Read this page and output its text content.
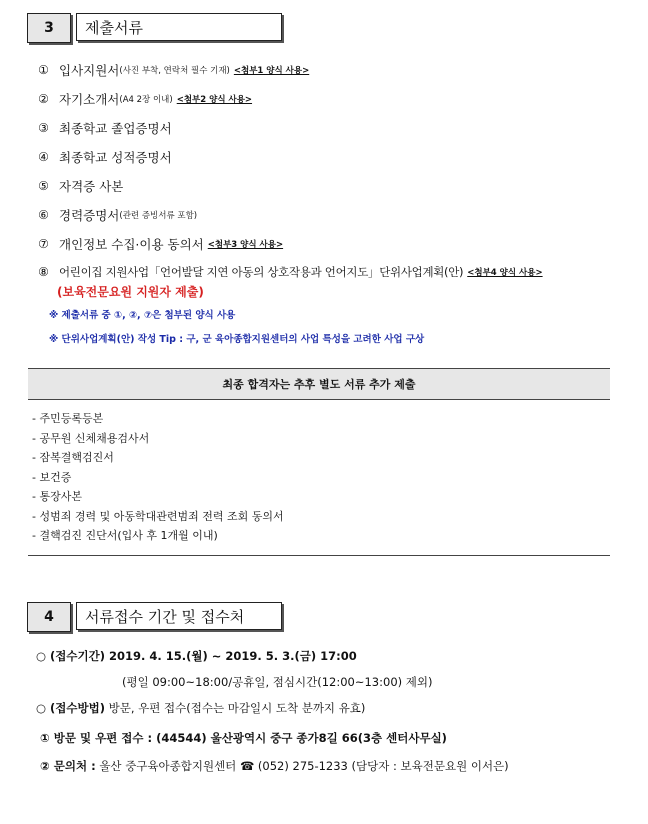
3	제출서류
① 입사지원서 (사진 부착, 연락처 필수 기재) <첨부1 양식 사용>
② 자기소개서 (A4 2장 이내) <첨부2 양식 사용>
③ 최종학교 졸업증명서
④ 최종학교 성적증명서
⑤ 자격증 사본
⑥ 경력증명서 (관련 증빙서류 포함)
⑦ 개인정보 수집·이용 동의서 <첨부3 양식 사용>
⑧ 어린이집 지원사업「언어발달 지연 아동의 상호작용과 언어지도」단위사업계획(안) <첨부4 양식 사용>
(보육전문요원 지원자 제출)
※ 제출서류 중 ①, ②, ⑦은 첨부된 양식 사용
※ 단위사업계획(안) 작성 Tip : 구, 군 육아종합지원센터의 사업 특성을 고려한 사업 구상
최종 합격자는 추후 별도 서류 추가 제출
- 주민등록등본
- 공무원 신체채용검사서
- 잠복결핵검진서
- 보건증
- 통장사본
- 성범죄 경력 및 아동학대관련범죄 전력 조회 동의서
- 결핵검진 진단서(입사 후 1개월 이내)
4	서류접수 기간 및 접수처
○ (접수기간) 2019. 4. 15.(월) ~ 2019. 5. 3.(금) 17:00
(평일 09:00~18:00/공휴일, 점심시간(12:00~13:00) 제외)
○ (접수방법) 방문, 우편 접수(접수는 마감일시 도착 분까지 유효)
① 방문 및 우편 접수 : (44544) 울산광역시 중구 종가8길 66(3층 센터사무실)
② 문의처 : 울산 중구육아종합지원센터 ☎ (052) 275-1233 (담당자 : 보육전문요원 이서은)
